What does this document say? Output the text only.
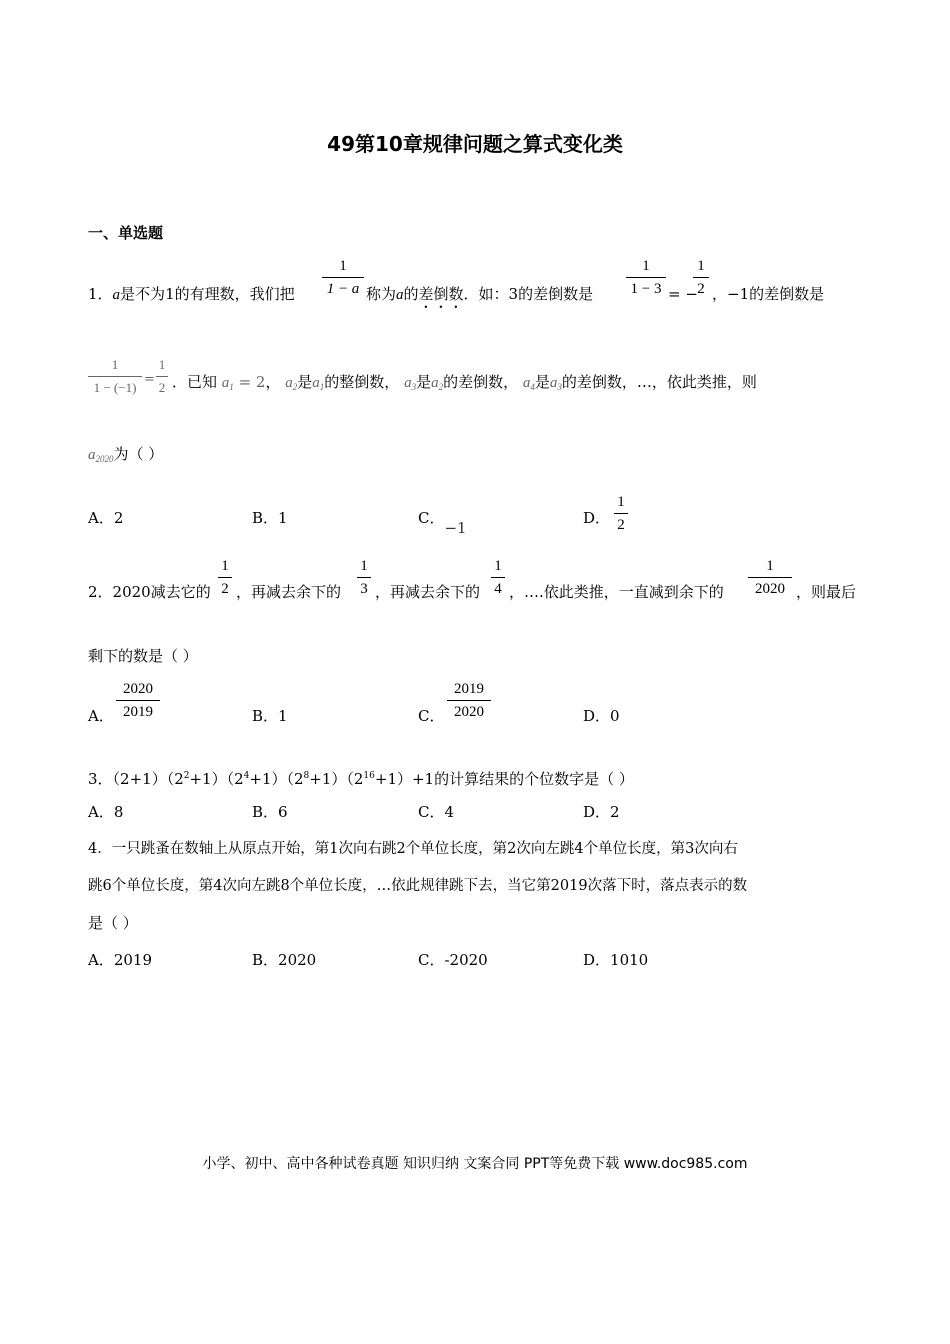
49第10章规律问题之算式变化类
一、单选题
1．a是不为1的有理数，我们把
1
1 − a 称为a的差倒数．如：3的差倒数是
1
1 − 3 = −
1
2 ，−1的差倒数是
1
1 − (−1)
=
1
2 ．已知 $a_1 = 2$， $a_2$是$a_1$的整倒数， $a_3$是$a_2$的差倒数， $a_4$是$a_3$的差倒数，…，依此类推，则
$a_{2020}$为（ ）
A．2	B．1	C．−1
D．
1
2
2．2020减去它的
1
2 ，再减去余下的
1
3 ，再减去余下的
1
4 ，….依此类推，一直减到余下的
1
2020 ，则最后
剩下的数是（ ）
A．
2020
2019	B．1	C．
2019
2020	D．0
3．$(2+1)(2^2+1)(2^4+1)(2^8+1)(2^{16}+1)+1$的计算结果的个位数字是（ ）
A．8	B．6	C．4	D．2
4．一只跳蚤在数轴上从原点开始，第1次向右跳2个单位长度，第2次向左跳4个单位长度，第3次向右
跳6个单位长度，第4次向左跳8个单位长度，…依此规律跳下去，当它第2019次落下时，落点表示的数
是（ ）
A．2019	B．2020	C．-2020	D．1010
小学、初中、高中各种试卷真题 知识归纳 文案合同 PPT等免费下载 www.doc985.com
